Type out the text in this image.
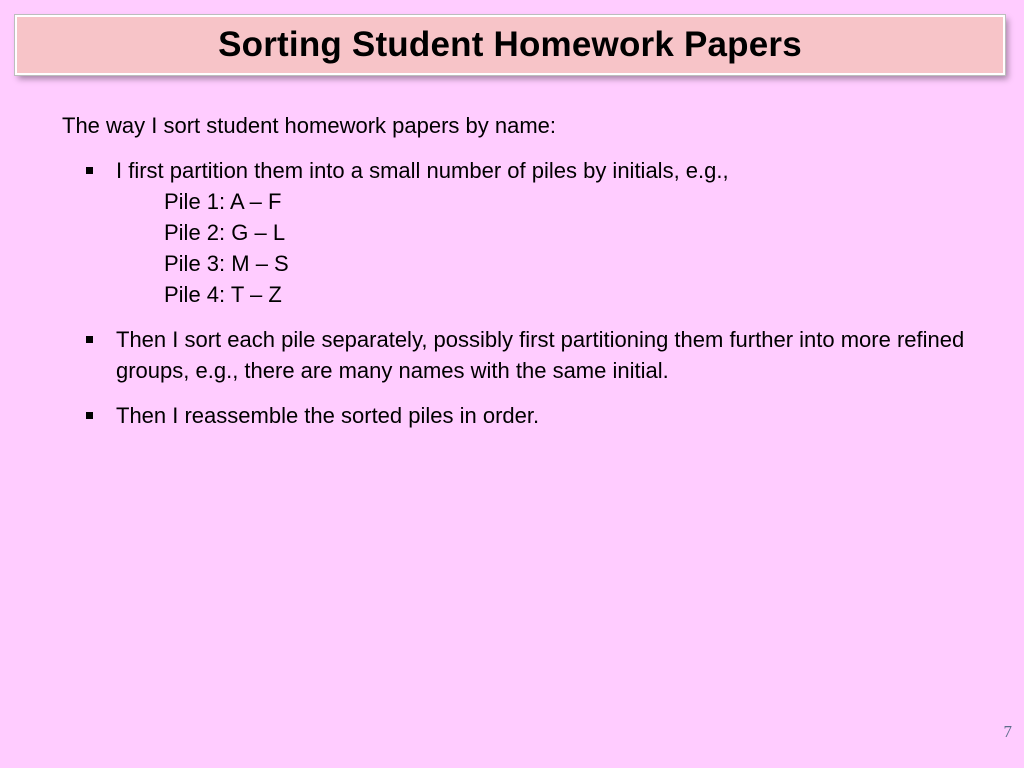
Sorting Student Homework Papers

The way I sort student homework papers by name:

I first partition them into a small number of piles by initials, e.g.,
Pile 1: A – F
Pile 2: G – L
Pile 3: M – S
Pile 4: T – Z
Then I sort each pile separately, possibly first partitioning them further into more refined groups, e.g., there are many names with the same initial.
Then I reassemble the sorted piles in order.
7
